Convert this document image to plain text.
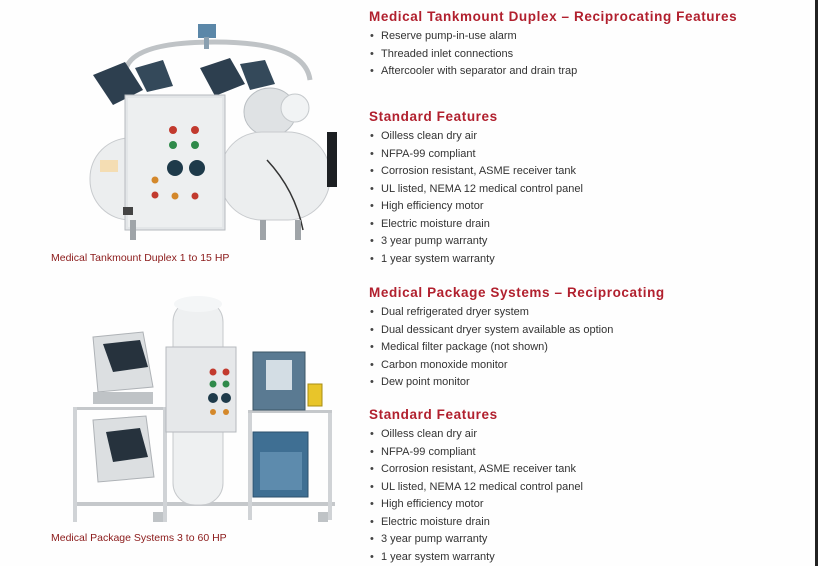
Medical Tankmount Duplex 1 to 15 HP
Medical Package Systems 3 to 60 HP
Medical Tankmount Duplex – Reciprocating Features
• Reserve pump-in-use alarm
• Threaded inlet connections
• Aftercooler with separator and drain trap
Standard Features
• Oilless clean dry air
• NFPA-99 compliant
• Corrosion resistant, ASME receiver tank
• UL listed, NEMA 12 medical control panel
• High efficiency motor
• Electric moisture drain
• 3 year pump warranty
• 1 year system warranty
Medical Package Systems – Reciprocating
• Dual refrigerated dryer system
• Dual dessicant dryer system available as option
• Medical filter package (not shown)
• Carbon monoxide monitor
• Dew point monitor
Standard Features
• Oilless clean dry air
• NFPA-99 compliant
• Corrosion resistant, ASME receiver tank
• UL listed, NEMA 12 medical control panel
• High efficiency motor
• Electric moisture drain
• 3 year pump warranty
• 1 year system warranty
